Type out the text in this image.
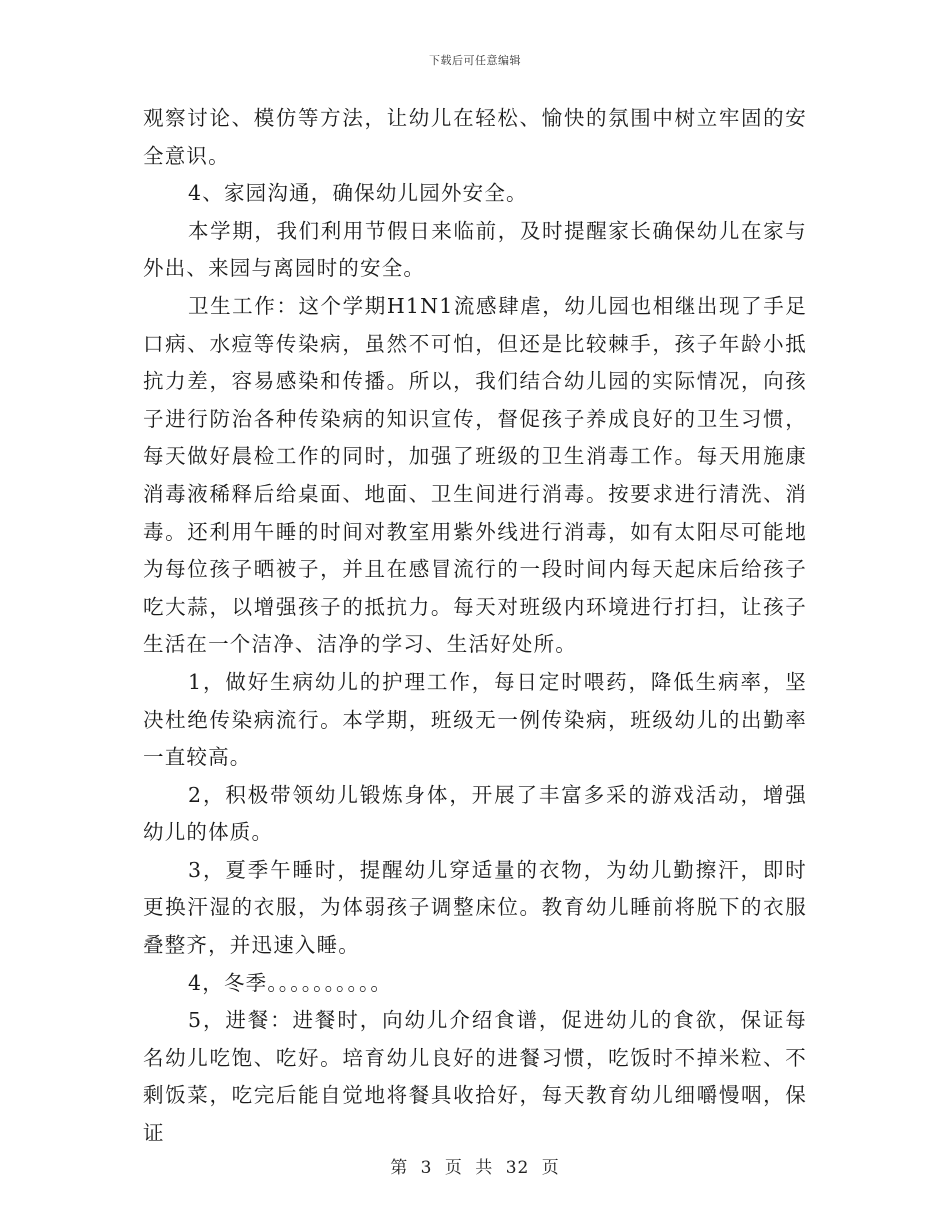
下载后可任意编辑

观察讨论、模仿等方法，让幼儿在轻松、愉快的氛围中树立牢固的安全意识。

4、家园沟通，确保幼儿园外安全。

本学期，我们利用节假日来临前，及时提醒家长确保幼儿在家与外出、来园与离园时的安全。

卫生工作：这个学期H1N1流感肆虐，幼儿园也相继出现了手足口病、水痘等传染病，虽然不可怕，但还是比较棘手，孩子年龄小抵抗力差，容易感染和传播。所以，我们结合幼儿园的实际情况，向孩子进行防治各种传染病的知识宣传，督促孩子养成良好的卫生习惯，每天做好晨检工作的同时，加强了班级的卫生消毒工作。每天用施康消毒液稀释后给桌面、地面、卫生间进行消毒。按要求进行清洗、消毒。还利用午睡的时间对教室用紫外线进行消毒，如有太阳尽可能地为每位孩子晒被子，并且在感冒流行的一段时间内每天起床后给孩子吃大蒜，以增强孩子的抵抗力。每天对班级内环境进行打扫，让孩子生活在一个洁净、洁净的学习、生活好处所。

1，做好生病幼儿的护理工作，每日定时喂药，降低生病率，坚决杜绝传染病流行。本学期，班级无一例传染病，班级幼儿的出勤率一直较高。

2，积极带领幼儿锻炼身体，开展了丰富多采的游戏活动，增强幼儿的体质。

3，夏季午睡时，提醒幼儿穿适量的衣物，为幼儿勤擦汗，即时更换汗湿的衣服，为体弱孩子调整床位。教育幼儿睡前将脱下的衣服叠整齐，并迅速入睡。

4，冬季。。。。。。。。。。

5，进餐：进餐时，向幼儿介绍食谱，促进幼儿的食欲，保证每名幼儿吃饱、吃好。培育幼儿良好的进餐习惯，吃饭时不掉米粒、不剩饭菜，吃完后能自觉地将餐具收拾好，每天教育幼儿细嚼慢咽，保证

第 3 页 共 32 页
